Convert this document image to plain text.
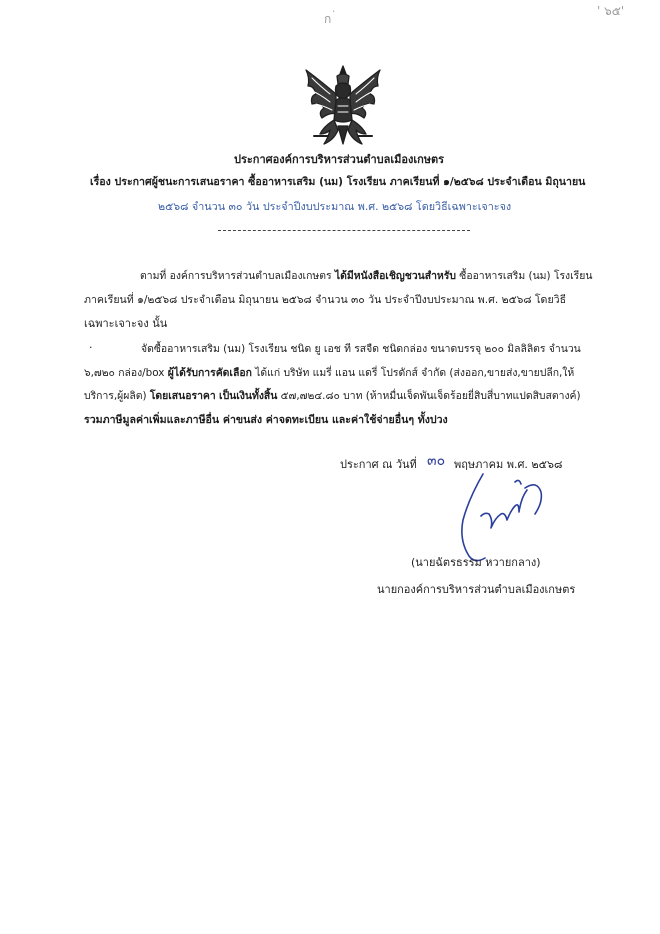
ก ่
' ๖๕'
ประกาศองค์การบริหารส่วนตำบลเมืองเกษตร
เรื่อง ประกาศผู้ชนะการเสนอราคา ซื้ออาหารเสริม (นม) โรงเรียน ภาคเรียนที่ ๑/๒๕๖๘ ประจำเดือน มิถุนายน
๒๕๖๘ จำนวน ๓๐ วัน ประจำปีงบประมาณ พ.ศ. ๒๕๖๘ โดยวิธีเฉพาะเจาะจง
ตามที่ องค์การบริหารส่วนตำบลเมืองเกษตร ได้มีหนังสือเชิญชวนสำหรับ ซื้ออาหารเสริม (นม) โรงเรียน
ภาคเรียนที่ ๑/๒๕๖๘ ประจำเดือน มิถุนายน ๒๕๖๘ จำนวน ๓๐ วัน ประจำปีงบประมาณ พ.ศ. ๒๕๖๘ โดยวิธี
เฉพาะเจาะจง นั้น
.	จัดซื้ออาหารเสริม (นม) โรงเรียน ชนิด ยู เอช ที รสจืด ชนิดกล่อง ขนาดบรรจุ ๒๐๐ มิลลิลิตร จำนวน
๖,๗๒๐ กล่อง/box ผู้ได้รับการคัดเลือก ได้แก่ บริษัท แมรี่ แอน แดรี่ โปรดักส์ จำกัด (ส่งออก,ขายส่ง,ขายปลีก,ให้
บริการ,ผู้ผลิต) โดยเสนอราคา เป็นเงินทั้งสิ้น ๕๗,๗๒๔.๘๐ บาท (ห้าหมื่นเจ็ดพันเจ็ดร้อยยี่สิบสี่บาทแปดสิบสตางค์)
รวมภาษีมูลค่าเพิ่มและภาษีอื่น ค่าขนส่ง ค่าจดทะเบียน และค่าใช้จ่ายอื่นๆ ทั้งปวง
ประกาศ ณ วันที่ ๓๐ พฤษภาคม พ.ศ. ๒๕๖๘
(นายฉัตรธรรม หวายกลาง)
นายกองค์การบริหารส่วนตำบลเมืองเกษตร
